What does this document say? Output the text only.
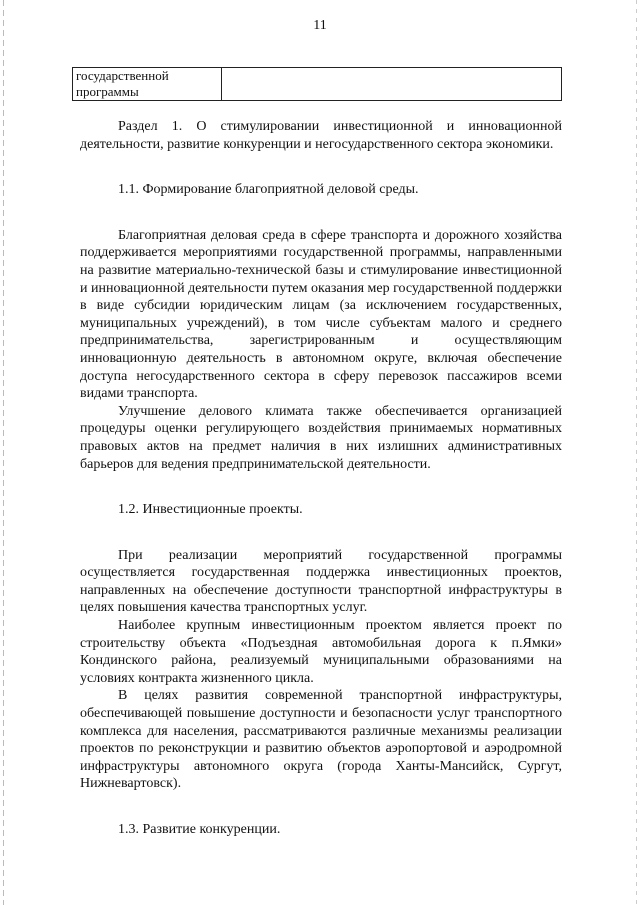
11
государственной
программы

Раздел 1. О стимулировании инвестиционной и инновационной деятельности, развитие конкуренции и негосударственного сектора экономики.

1.1. Формирование благоприятной деловой среды.

Благоприятная деловая среда в сфере транспорта и дорожного хозяйства поддерживается мероприятиями государственной программы, направленными на развитие материально-технической базы и стимулирование инвестиционной и инновационной деятельности путем оказания мер государственной поддержки в виде субсидии юридическим лицам (за исключением государственных, муниципальных учреждений), в том числе субъектам малого и среднего предпринимательства, зарегистрированным и осуществляющим инновационную деятельность в автономном округе, включая обеспечение доступа негосударственного сектора в сферу перевозок пассажиров всеми видами транспорта.

Улучшение делового климата также обеспечивается организацией процедуры оценки регулирующего воздействия принимаемых нормативных правовых актов на предмет наличия в них излишних административных барьеров для ведения предпринимательской деятельности.

1.2. Инвестиционные проекты.

При реализации мероприятий государственной программы осуществляется государственная поддержка инвестиционных проектов, направленных на обеспечение доступности транспортной инфраструктуры в целях повышения качества транспортных услуг.

Наиболее крупным инвестиционным проектом является проект по строительству объекта «Подъездная автомобильная дорога к п.Ямки» Кондинского района, реализуемый муниципальными образованиями на условиях контракта жизненного цикла.

В целях развития современной транспортной инфраструктуры, обеспечивающей повышение доступности и безопасности услуг транспортного комплекса для населения, рассматриваются различные механизмы реализации проектов по реконструкции и развитию объектов аэропортовой и аэродромной инфраструктуры автономного округа (города Ханты-Мансийск, Сургут, Нижневартовск).

1.3. Развитие конкуренции.
